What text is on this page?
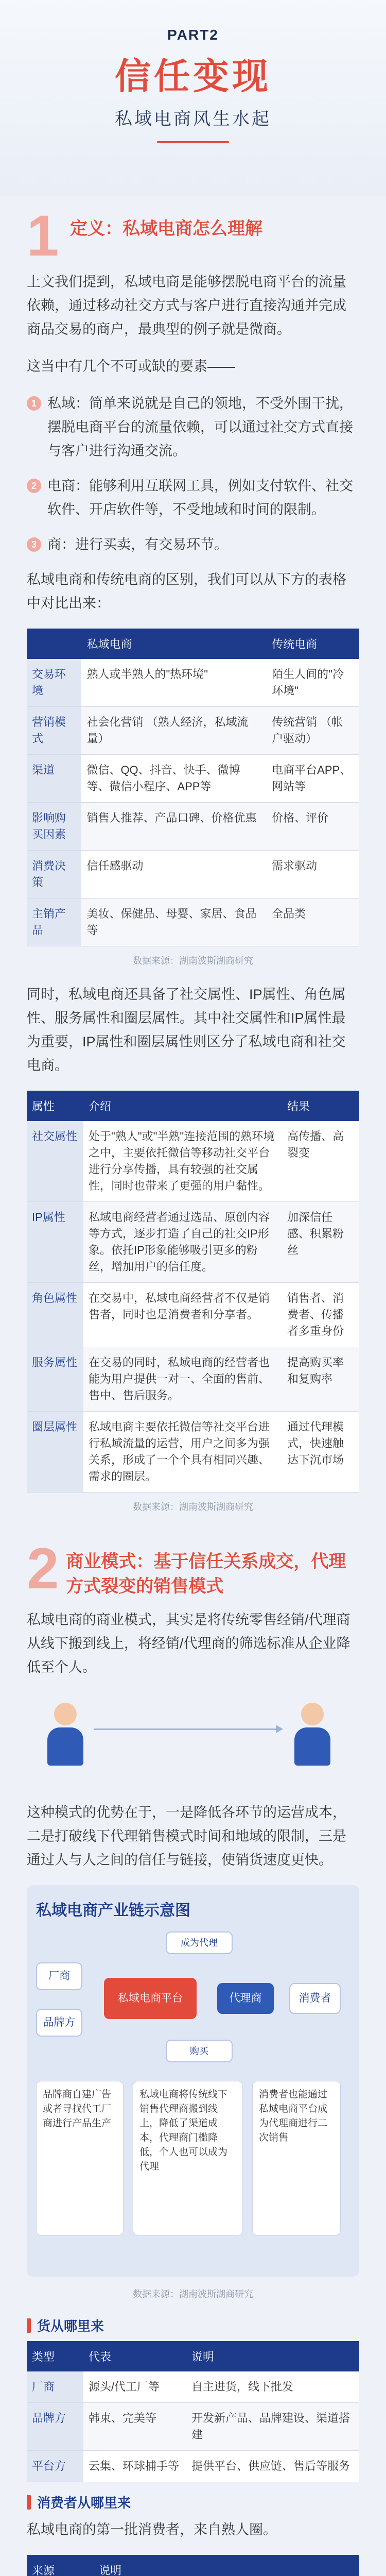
PART2
信任变现
私域电商风生水起
1 定义：私域电商怎么理解

上文我们提到，私域电商是能够摆脱电商平台的流量依赖，通过移动社交方式与客户进行直接沟通并完成商品交易的商户，最典型的例子就是微商。

这当中有几个不可或缺的要素——

1 私域：简单来说就是自己的领地，不受外围干扰，摆脱电商平台的流量依赖，可以通过社交方式直接与客户进行沟通交流。
2 电商：能够利用互联网工具，例如支付软件、社交软件、开店软件等，不受地域和时间的限制。
3 商：进行买卖，有交易环节。

私域电商和传统电商的区别，我们可以从下方的表格中对比出来：

	私域电商	传统电商
交易环境	熟人或半熟人的"热环境"	陌生人间的"冷环境"
营销模式	社会化营销 （熟人经济，私域流量）	传统营销 （帐户驱动）
渠道	微信、QQ、抖音、快手、微博等、微信小程序、APP等	电商平台APP、网站等
影响购买因素	销售人推荐、产品口碑、价格优惠	价格、评价
消费决策	信任感驱动	需求驱动
主销产品	美妆、保健品、母婴、家居、食品等	全品类
数据来源：湖南波斯湖商研究

同时，私域电商还具备了社交属性、IP属性、角色属性、服务属性和圈层属性。其中社交属性和IP属性最为重要，IP属性和圈层属性则区分了私域电商和社交电商。

属性	介绍	结果
社交属性	处于"熟人"或"半熟"连接范围的熟环境之中，主要依托微信等移动社交平台进行分享传播，具有较强的社交属性，同时也带来了更强的用户黏性。	高传播、高裂变
IP属性	私域电商经营者通过选品、原创内容等方式，逐步打造了自己的社交IP形象。依托IP形象能够吸引更多的粉丝，增加用户的信任度。	加深信任感、积累粉丝
角色属性	在交易中，私域电商经营者不仅是销售者，同时也是消费者和分享者。	销售者、消费者、传播者多重身份
服务属性	在交易的同时，私域电商的经营者也能为用户提供一对一、全面的售前、售中、售后服务。	提高购买率和复购率
圈层属性	私域电商主要依托微信等社交平台进行私域流量的运营，用户之间多为强关系，形成了一个个具有相同兴趣、需求的圈层。	通过代理模式，快速触达下沉市场
数据来源：湖南波斯湖商研究
2 商业模式：基于信任关系成交，代理方式裂变的销售模式

私域电商的商业模式，其实是将传统零售经销/代理商从线下搬到线上，将经销/代理商的筛选标准从企业降低至个人。

这种模式的优势在于，一是降低各环节的运营成本，二是打破线下代理销售模式时间和地域的限制，三是通过人与人之间的信任与链接，使销货速度更快。

私域电商产业链示意图
厂商
品牌方
私域电商平台	代理商	消费者
成为代理
购买
品牌商自建广告或者寻找代工厂商进行产品生产
私域电商将传统线下销售代理商搬到线上，降低了渠道成本，代理商门槛降低，个人也可以成为代理
消费者也能通过私域电商平台成为代理商进行二次销售
数据来源：湖南波斯湖商研究
货从哪里来
类型	代表	说明
厂商	源头/代工厂等	自主进货，线下批发
品牌方	韩束、完美等	开发新产品、品牌建设、渠道搭建
平台方	云集、环球捕手等	提供平台、供应链、售后等服务
消费者从哪里来

私域电商的第一批消费者，来自熟人圈。

来源	说明
